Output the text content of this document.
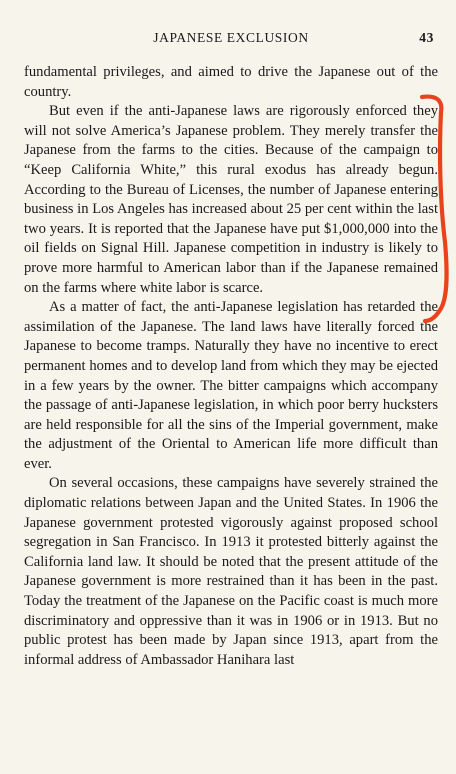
JAPANESE EXCLUSION	43

fundamental privileges, and aimed to drive the Japanese out of the country.

But even if the anti-Japanese laws are rigorously enforced they will not solve America’s Japanese problem. They merely transfer the Japanese from the farms to the cities. Because of the campaign to “Keep California White,” this rural exodus has already begun. According to the Bureau of Licenses, the number of Japanese entering business in Los Angeles has increased about 25 per cent within the last two years. It is reported that the Japanese have put $1,000,000 into the oil fields on Signal Hill. Japanese competition in industry is likely to prove more harmful to American labor than if the Japanese remained on the farms where white labor is scarce.

As a matter of fact, the anti-Japanese legislation has retarded the assimilation of the Japanese. The land laws have literally forced the Japanese to become tramps. Naturally they have no incentive to erect permanent homes and to develop land from which they may be ejected in a few years by the owner. The bitter campaigns which accompany the passage of anti-Japanese legislation, in which poor berry hucksters are held responsible for all the sins of the Imperial government, make the adjustment of the Oriental to American life more difficult than ever.

On several occasions, these campaigns have severely strained the diplomatic relations between Japan and the United States. In 1906 the Japanese government protested vigorously against proposed school segregation in San Francisco. In 1913 it protested bitterly against the California land law. It should be noted that the present attitude of the Japanese government is more restrained than it has been in the past. Today the treatment of the Japanese on the Pacific coast is much more discriminatory and oppressive than it was in 1906 or in 1913. But no public protest has been made by Japan since 1913, apart from the informal address of Ambassador Hanihara last
